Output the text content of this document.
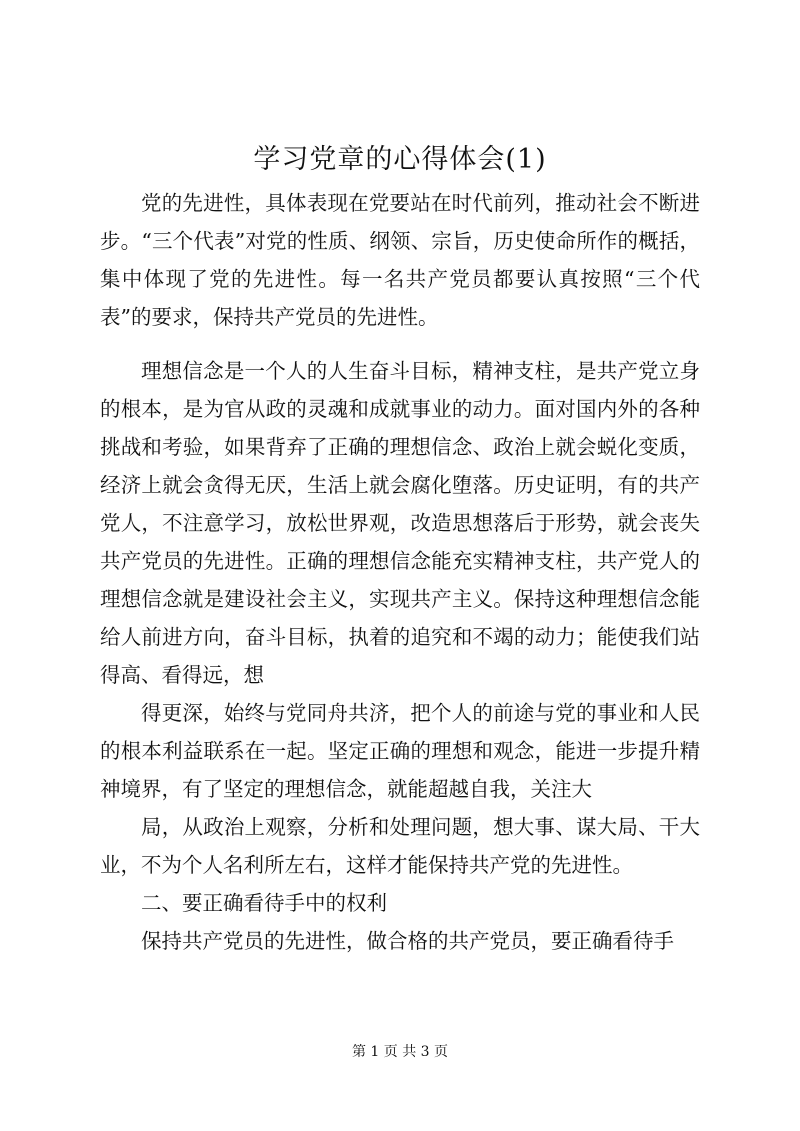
学习党章的心得体会(1)

党的先进性，具体表现在党要站在时代前列，推动社会不断进步。“三个代表”对党的性质、纲领、宗旨，历史使命所作的概括，集中体现了党的先进性。每一名共产党员都要认真按照“三个代表”的要求，保持共产党员的先进性。

理想信念是一个人的人生奋斗目标，精神支柱，是共产党立身的根本，是为官从政的灵魂和成就事业的动力。面对国内外的各种挑战和考验，如果背弃了正确的理想信念、政治上就会蜕化变质，经济上就会贪得无厌，生活上就会腐化堕落。历史证明，有的共产党人，不注意学习，放松世界观，改造思想落后于形势，就会丧失共产党员的先进性。正确的理想信念能充实精神支柱，共产党人的理想信念就是建设社会主义，实现共产主义。保持这种理想信念能给人前进方向，奋斗目标，执着的追究和不竭的动力；能使我们站得高、看得远，想

得更深，始终与党同舟共济，把个人的前途与党的事业和人民的根本利益联系在一起。坚定正确的理想和观念，能进一步提升精神境界，有了坚定的理想信念，就能超越自我，关注大

局，从政治上观察，分析和处理问题，想大事、谋大局、干大业，不为个人名利所左右，这样才能保持共产党的先进性。

二、要正确看待手中的权利

保持共产党员的先进性，做合格的共产党员，要正确看待手

第 1 页 共 3 页
